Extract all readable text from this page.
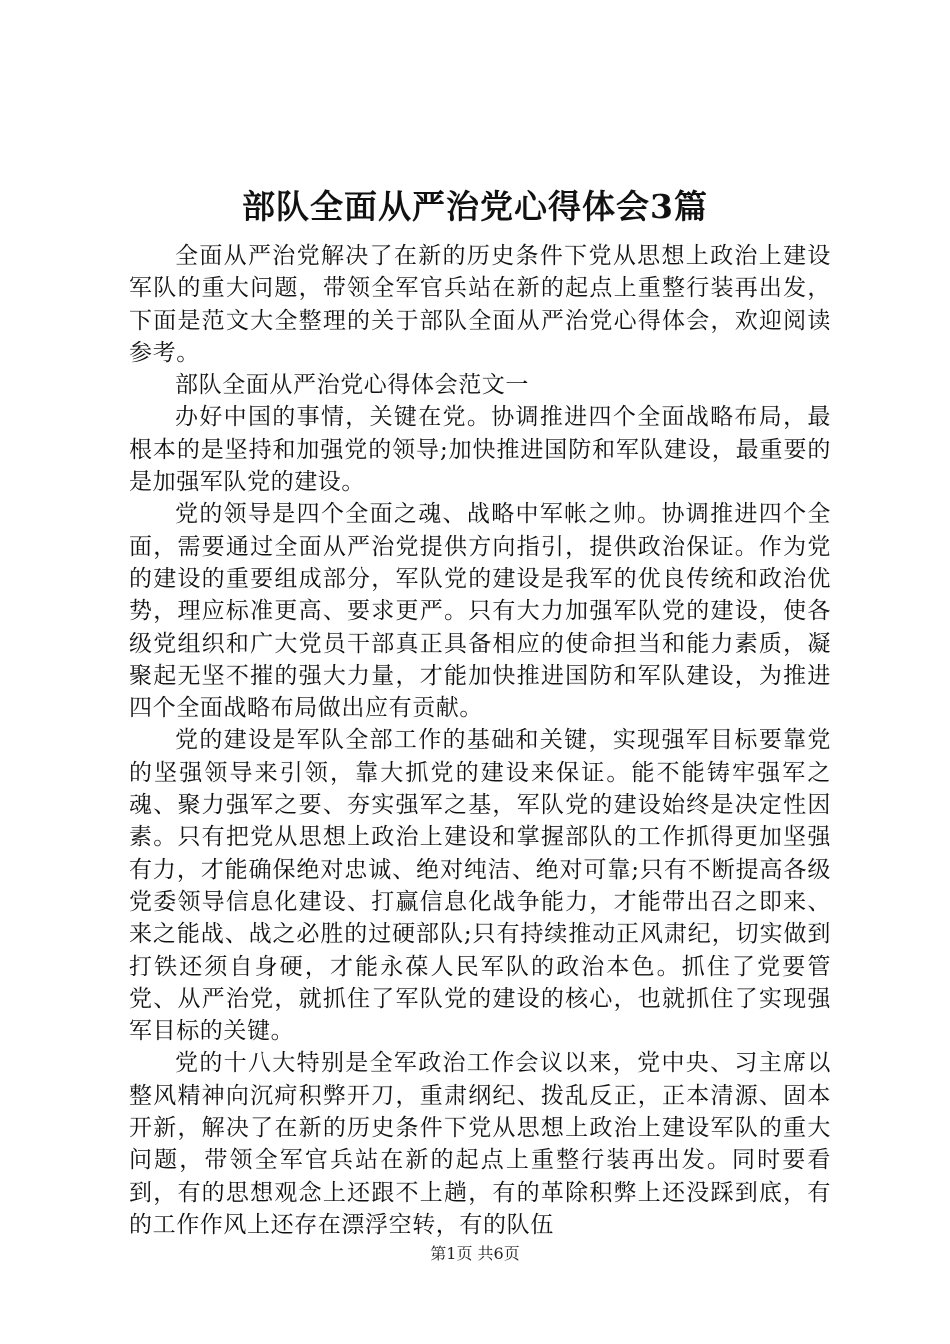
部队全面从严治党心得体会3篇

全面从严治党解决了在新的历史条件下党从思想上政治上建设军队的重大问题，带领全军官兵站在新的起点上重整行装再出发，下面是范文大全整理的关于部队全面从严治党心得体会，欢迎阅读参考。

部队全面从严治党心得体会范文一

办好中国的事情，关键在党。协调推进四个全面战略布局，最根本的是坚持和加强党的领导;加快推进国防和军队建设，最重要的是加强军队党的建设。

党的领导是四个全面之魂、战略中军帐之帅。协调推进四个全面，需要通过全面从严治党提供方向指引，提供政治保证。作为党的建设的重要组成部分，军队党的建设是我军的优良传统和政治优势，理应标准更高、要求更严。只有大力加强军队党的建设，使各级党组织和广大党员干部真正具备相应的使命担当和能力素质，凝聚起无坚不摧的强大力量，才能加快推进国防和军队建设，为推进四个全面战略布局做出应有贡献。

党的建设是军队全部工作的基础和关键，实现强军目标要靠党的坚强领导来引领，靠大抓党的建设来保证。能不能铸牢强军之魂、聚力强军之要、夯实强军之基，军队党的建设始终是决定性因素。只有把党从思想上政治上建设和掌握部队的工作抓得更加坚强有力，才能确保绝对忠诚、绝对纯洁、绝对可靠;只有不断提高各级党委领导信息化建设、打赢信息化战争能力，才能带出召之即来、来之能战、战之必胜的过硬部队;只有持续推动正风肃纪，切实做到打铁还须自身硬，才能永葆人民军队的政治本色。抓住了党要管党、从严治党，就抓住了军队党的建设的核心，也就抓住了实现强军目标的关键。

党的十八大特别是全军政治工作会议以来，党中央、习主席以整风精神向沉疴积弊开刀，重肃纲纪、拨乱反正，正本清源、固本开新，解决了在新的历史条件下党从思想上政治上建设军队的重大问题，带领全军官兵站在新的起点上重整行装再出发。同时要看到，有的思想观念上还跟不上趟，有的革除积弊上还没踩到底，有的工作作风上还存在漂浮空转，有的队伍

第1页 共6页
